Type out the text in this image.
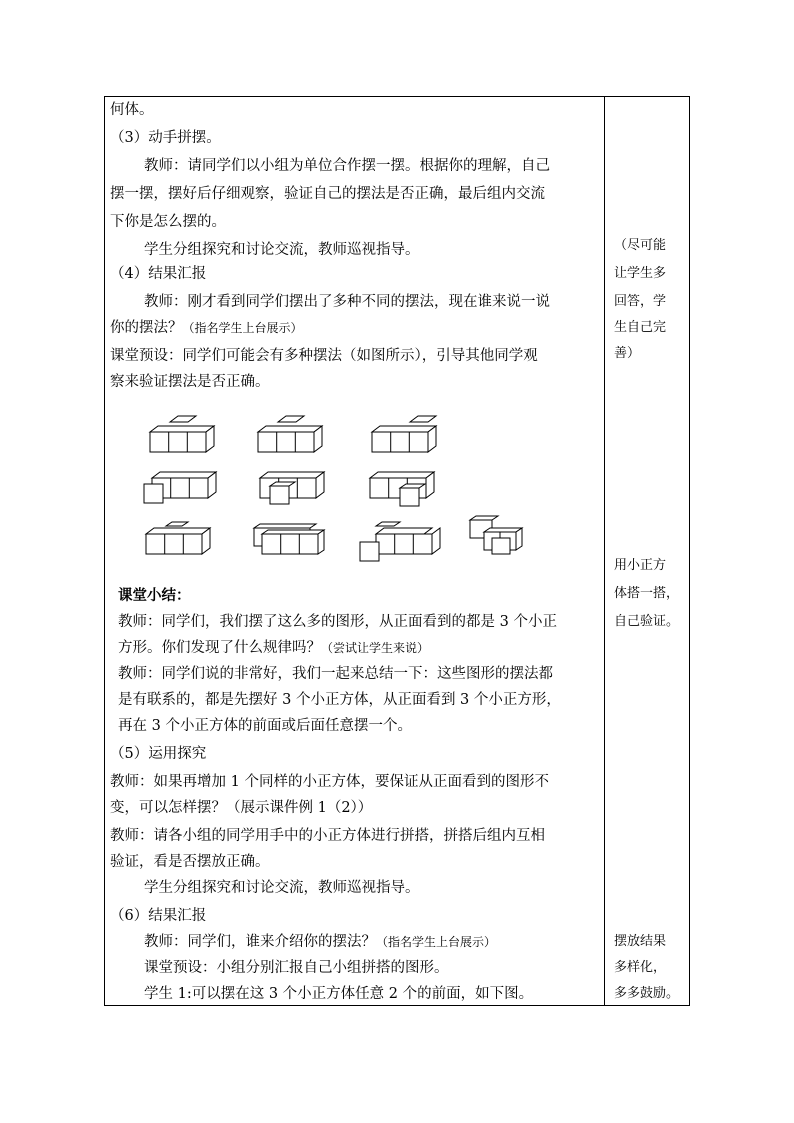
何体。
（3）动手拼摆。
教师：请同学们以小组为单位合作摆一摆。根据你的理解，自己
摆一摆，摆好后仔细观察，验证自己的摆法是否正确，最后组内交流
下你是怎么摆的。
学生分组探究和讨论交流，教师巡视指导。
（4）结果汇报
教师：刚才看到同学们摆出了多种不同的摆法，现在谁来说一说
你的摆法？（指名学生上台展示）
课堂预设：同学们可能会有多种摆法（如图所示），引导其他同学观
察来验证摆法是否正确。
课堂小结：
教师：同学们，我们摆了这么多的图形，从正面看到的都是 3 个小正
方形。你们发现了什么规律吗？（尝试让学生来说）
教师：同学们说的非常好，我们一起来总结一下：这些图形的摆法都
是有联系的，都是先摆好 3 个小正方体，从正面看到 3 个小正方形，
再在 3 个小正方体的前面或后面任意摆一个。
（5）运用探究
教师：如果再增加 1 个同样的小正方体，要保证从正面看到的图形不
变，可以怎样摆？（展示课件例 1（2））
教师：请各小组的同学用手中的小正方体进行拼搭，拼搭后组内互相
验证，看是否摆放正确。
学生分组探究和讨论交流，教师巡视指导。
（6）结果汇报
教师：同学们，谁来介绍你的摆法？（指名学生上台展示）
课堂预设：小组分别汇报自己小组拼搭的图形。
学生 1:可以摆在这 3 个小正方体任意 2 个的前面，如下图。
（尽可能
让学生多
回答，学
生自己完
善）
用小正方
体搭一搭，
自己验证。
摆放结果
多样化，
多多鼓励。
